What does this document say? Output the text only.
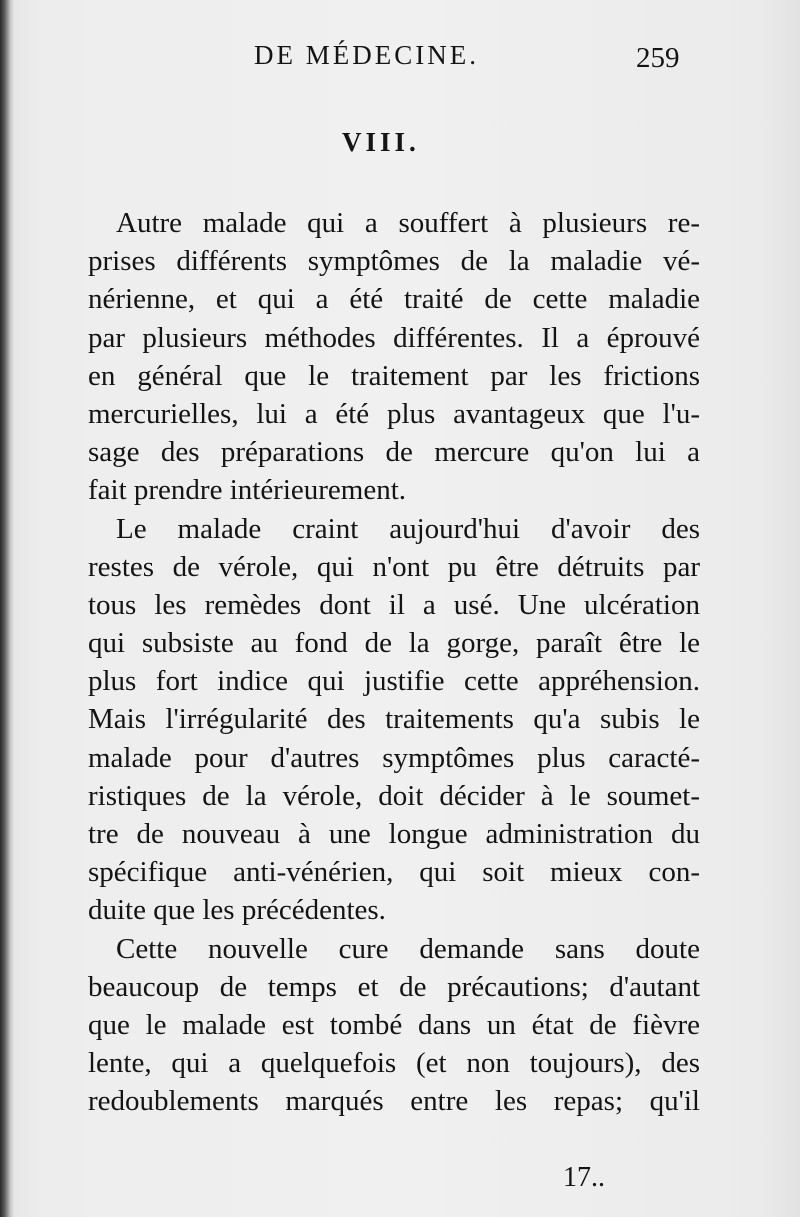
DE MÉDECINE.	259
VIII.
Autre malade qui a souffert à plusieurs re-
prises différents symptômes de la maladie vé-
nérienne, et qui a été traité de cette maladie
par plusieurs méthodes différentes. Il a éprouvé
en général que le traitement par les frictions
mercurielles, lui a été plus avantageux que l'u-
sage des préparations de mercure qu'on lui a
fait prendre intérieurement.
Le malade craint aujourd'hui d'avoir des
restes de vérole, qui n'ont pu être détruits par
tous les remèdes dont il a usé. Une ulcération
qui subsiste au fond de la gorge, paraît être le
plus fort indice qui justifie cette appréhension.
Mais l'irrégularité des traitements qu'a subis le
malade pour d'autres symptômes plus caracté-
ristiques de la vérole, doit décider à le soumet-
tre de nouveau à une longue administration du
spécifique anti-vénérien, qui soit mieux con-
duite que les précédentes.
Cette nouvelle cure demande sans doute
beaucoup de temps et de précautions; d'autant
que le malade est tombé dans un état de fièvre
lente, qui a quelquefois (et non toujours), des
redoublements marqués entre les repas; qu'il
17..
